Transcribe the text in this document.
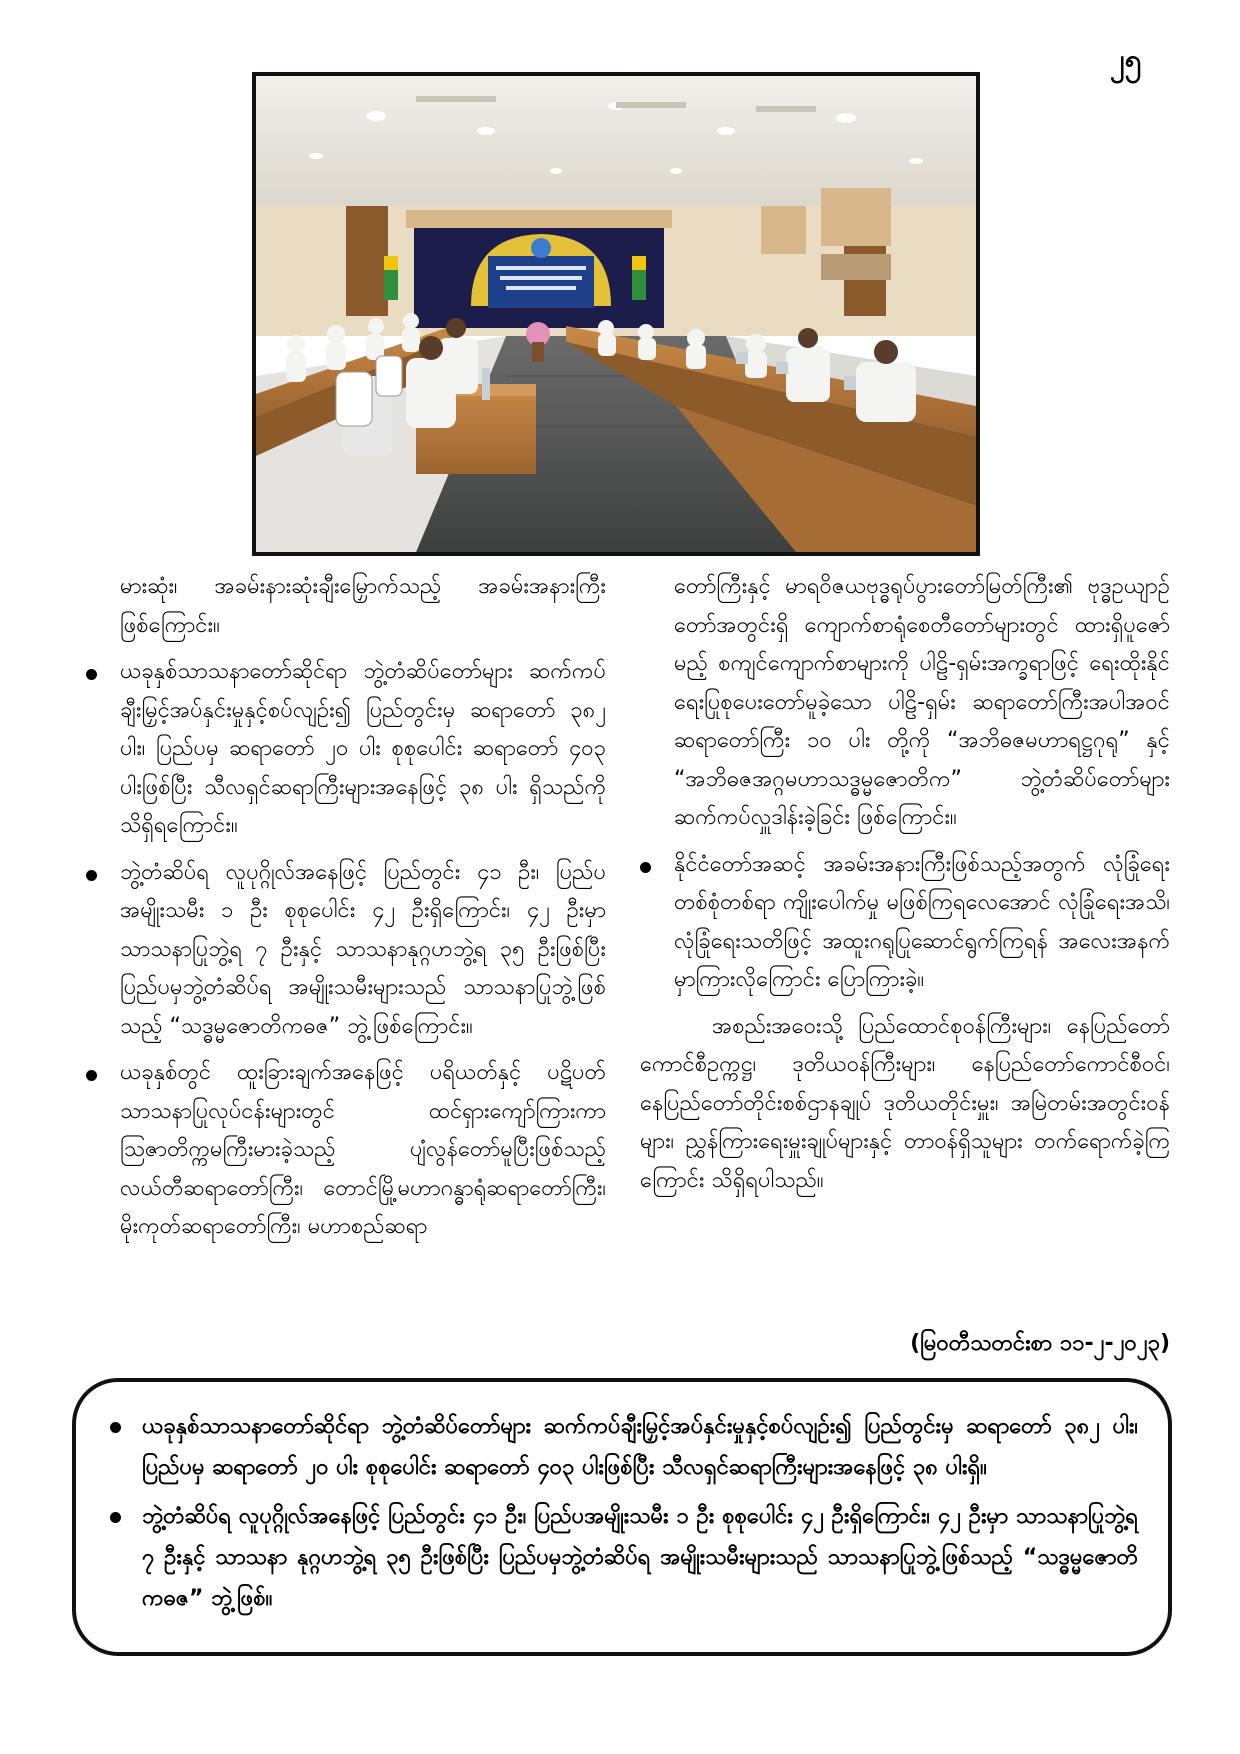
၂၅

မားဆုံး၊ အခမ်းနားဆုံးချီးမြှောက်သည့် အခမ်းအနားကြီး ဖြစ်ကြောင်း။

ယခုနှစ်သာသနာတော်ဆိုင်ရာ ဘွဲ့တံဆိပ်တော်များ ဆက်ကပ်ချီးမြှင့်အပ်နှင်းမှုနှင့်စပ်လျဉ်း၍ ပြည်တွင်းမှ ဆရာတော် ၃၈၂ ပါး၊ ပြည်ပမှ ဆရာတော် ၂၀ ပါး စုစုပေါင်း ဆရာတော် ၄၀၃ ပါးဖြစ်ပြီး သီလရှင်ဆရာကြီးများအနေဖြင့် ၃၈ ပါး ရှိသည်ကို သိရှိရကြောင်း။

ဘွဲ့တံဆိပ်ရ လူပုဂ္ဂိုလ်အနေဖြင့် ပြည်တွင်း ၄၁ ဦး၊ ပြည်ပ အမျိုးသမီး ၁ ဦး စုစုပေါင်း ၄၂ ဦးရှိကြောင်း၊ ၄၂ ဦးမှာ သာသနာပြုဘွဲ့ရ ၇ ဦးနှင့် သာသနာနုဂ္ဂဟဘွဲ့ရ ၃၅ ဦးဖြစ်ပြီး ပြည်ပမှဘွဲ့တံဆိပ်ရ အမျိုးသမီးများသည် သာသနာပြုဘွဲ့ဖြစ်သည့် “သဒ္ဓမ္မဇောတိကဓဇ” ဘွဲ့ဖြစ်ကြောင်း။

ယခုနှစ်တွင် ထူးခြားချက်အနေဖြင့် ပရိယတ်နှင့် ပဋိပတ် သာသနာပြုလုပ်ငန်းများတွင် ထင်ရှားကျော်ကြားကာ ဩဇာတိက္ကမကြီးမားခဲ့သည့် ပျံလွန်တော်မူပြီးဖြစ်သည့် လယ်တီဆရာတော်ကြီး၊ တောင်မြို့မဟာဂန္ဓာရုံဆရာတော်ကြီး၊ မိုးကုတ်ဆရာတော်ကြီး၊ မဟာစည်ဆရာ

တော်ကြီးနှင့် မာရဝိဇယဗုဒ္ဓရုပ်ပွားတော်မြတ်ကြီး၏ ဗုဒ္ဓဥယျာဉ်တော်အတွင်းရှိ ကျောက်စာရုံစေတီတော်များတွင် ထားရှိပူဇော်မည့် စကျင်ကျောက်စာများကို ပါဠိ-ရှမ်းအက္ခရာဖြင့် ရေးထိုးနိုင်ရေးပြုစုပေးတော်မူခဲ့သော ပါဠိ-ရှမ်း ဆရာတော်ကြီးအပါအဝင် ဆရာတော်ကြီး ၁၀ ပါး တို့ကို “အဘိဓဇမဟာရဋ္ဌဂုရု” နှင့် “အဘိဓဇအဂ္ဂမဟာသဒ္ဓမ္မဇောတိက” ဘွဲ့တံဆိပ်တော်များ ဆက်ကပ်လှူဒါန်းခဲ့ခြင်း ဖြစ်ကြောင်း။

နိုင်ငံတော်အဆင့် အခမ်းအနားကြီးဖြစ်သည့်အတွက် လုံခြုံရေးတစ်စုံတစ်ရာ ကျိုးပေါက်မှု မဖြစ်ကြရလေအောင် လုံခြုံရေးအသိ၊ လုံခြုံရေးသတိဖြင့် အထူးဂရုပြုဆောင်ရွက်ကြရန် အလေးအနက်မှာကြားလိုကြောင်း ပြောကြားခဲ့။

အစည်းအဝေးသို့ ပြည်ထောင်စုဝန်ကြီးများ၊ နေပြည်တော်ကောင်စီဥက္ကဋ္ဌ၊ ဒုတိယဝန်ကြီးများ၊ နေပြည်တော်ကောင်စီဝင်၊ နေပြည်တော်တိုင်းစစ်ဌာနချုပ် ဒုတိယတိုင်းမှူး၊ အမြဲတမ်းအတွင်းဝန်များ၊ ညွှန်ကြားရေးမှူးချုပ်များနှင့် တာဝန်ရှိသူများ တက်ရောက်ခဲ့ကြကြောင်း သိရှိရပါသည်။

(မြဝတီသတင်းစာ ၁၁-၂-၂၀၂၃)

ယခုနှစ်သာသနာတော်ဆိုင်ရာ ဘွဲ့တံဆိပ်တော်များ ဆက်ကပ်ချီးမြှင့်အပ်နှင်းမှုနှင့်စပ်လျဉ်း၍ ပြည်တွင်းမှ ဆရာတော် ၃၈၂ ပါး၊ ပြည်ပမှ ဆရာတော် ၂၀ ပါး စုစုပေါင်း ဆရာတော် ၄၀၃ ပါးဖြစ်ပြီး သီလရှင်ဆရာကြီးများအနေဖြင့် ၃၈ ပါးရှိ။

ဘွဲ့တံဆိပ်ရ လူပုဂ္ဂိုလ်အနေဖြင့် ပြည်တွင်း ၄၁ ဦး၊ ပြည်ပအမျိုးသမီး ၁ ဦး စုစုပေါင်း ၄၂ ဦးရှိကြောင်း၊ ၄၂ ဦးမှာ သာသနာပြုဘွဲ့ရ ၇ ဦးနှင့် သာသနာ နုဂ္ဂဟဘွဲ့ရ ၃၅ ဦးဖြစ်ပြီး ပြည်ပမှဘွဲ့တံဆိပ်ရ အမျိုးသမီးများသည် သာသနာပြုဘွဲ့ဖြစ်သည့် “သဒ္ဓမ္မဇောတိကဓဇ” ဘွဲ့ဖြစ်။
